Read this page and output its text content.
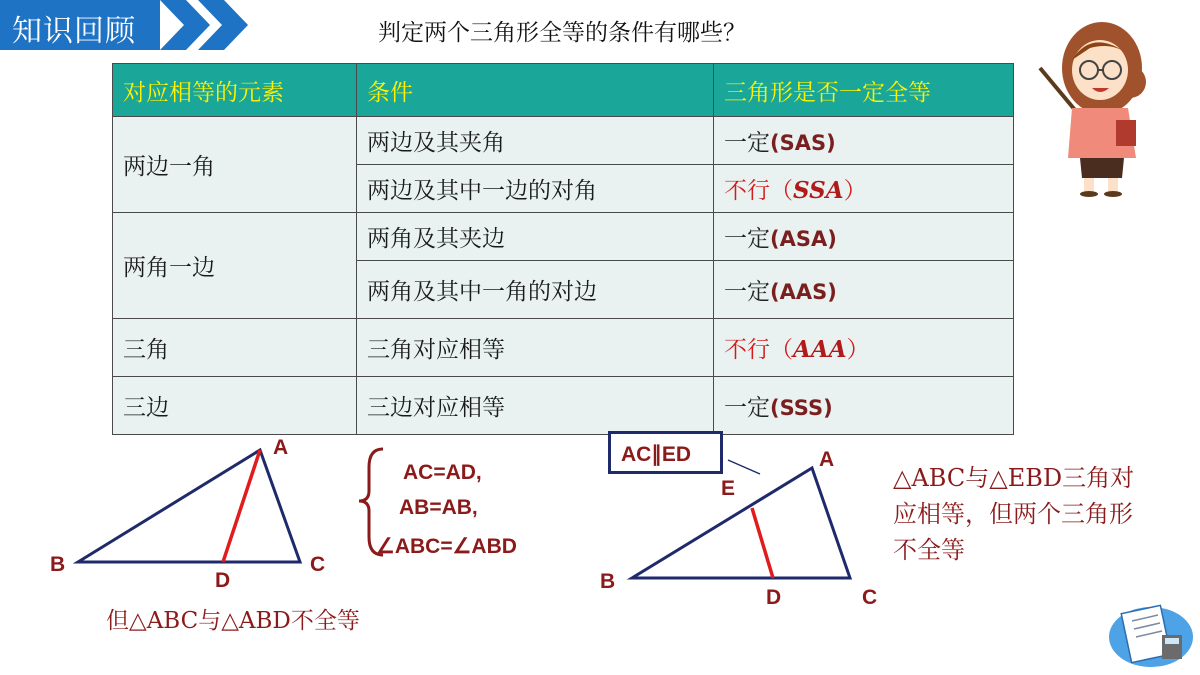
知识回顾	判定两个三角形全等的条件有哪些？
对应相等的元素	条件	三角形是否一定全等
两边一角	两边及其夹角	一定(SAS)
	两边及其中一边的对角	不行（SSA）
两角一边	两角及其夹边	一定(ASA)
	两角及其中一角的对边	一定(AAS)
三角	三角对应相等	不行（AAA）
三边	三边对应相等	一定(SSS)
A
B	C
D
AC=AD,
AB=AB,
∠ABC=∠ABD
但△ABC与△ABD不全等
AC∥ED	A
E
B
C
D
△ABC与△EBD三角对应相等，但两个三角形不全等
